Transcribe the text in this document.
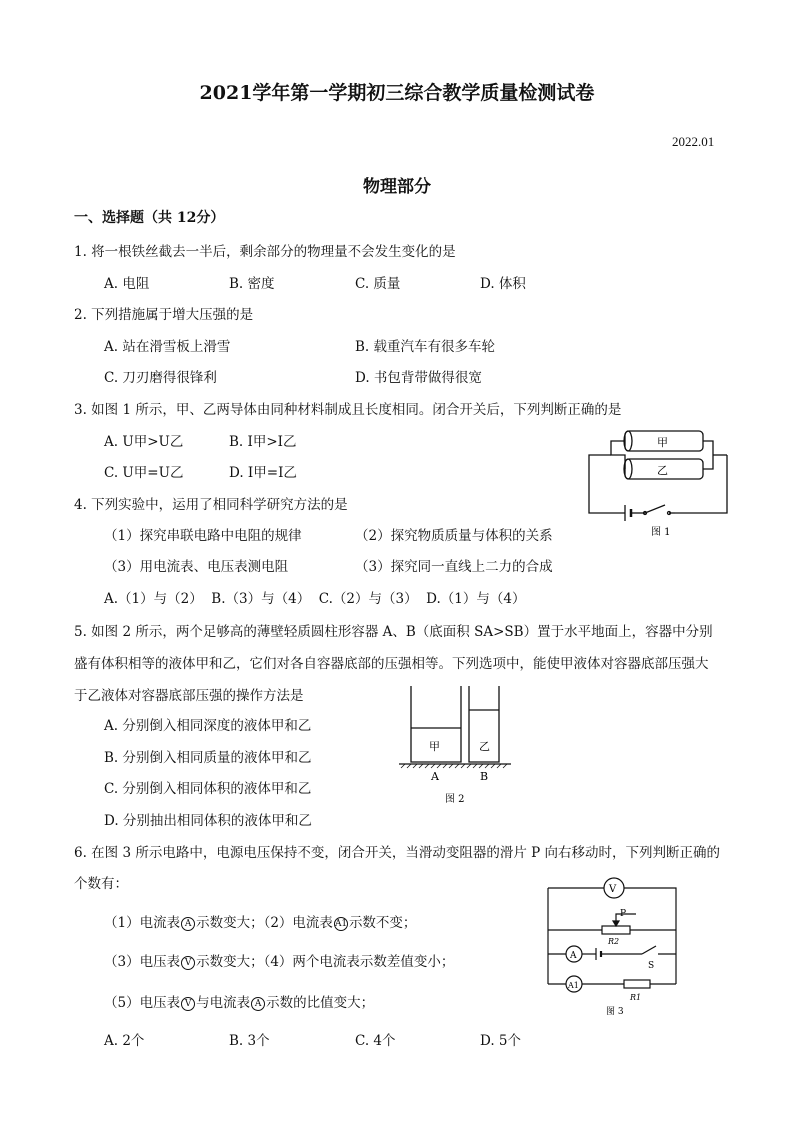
2021学年第一学期初三综合教学质量检测试卷
2022.01
物理部分
一、选择题（共 12分）
1. 将一根铁丝截去一半后，剩余部分的物理量不会发生变化的是
A. 电阻	B. 密度	C. 质量	D. 体积
2. 下列措施属于增大压强的是
A. 站在滑雪板上滑雪	B. 载重汽车有很多车轮
C. 刀刃磨得很锋利	D. 书包背带做得很宽
3. 如图 1 所示，甲、乙两导体由同种材料制成且长度相同。闭合开关后，下列判断正确的是
A. U甲>U乙	B. I甲>I乙
C. U甲=U乙	D. I甲=I乙
甲
乙
图 1
4. 下列实验中，运用了相同科学研究方法的是
（1）探究串联电路中电阻的规律	（2）探究物质质量与体积的关系
（3）用电流表、电压表测电阻	（3）探究同一直线上二力的合成
A.（1）与（2）  B.（3）与（4）  C.（2）与（3）  D.（1）与（4）
5. 如图 2 所示，两个足够高的薄壁轻质圆柱形容器 A、B（底面积 SA>SB）置于水平地面上，容器中分别
盛有体积相等的液体甲和乙，它们对各自容器底部的压强相等。下列选项中，能使甲液体对容器底部压强大
于乙液体对容器底部压强的操作方法是
A. 分别倒入相同深度的液体甲和乙
B. 分别倒入相同质量的液体甲和乙
C. 分别倒入相同体积的液体甲和乙
D. 分别抽出相同体积的液体甲和乙
甲	乙
A	B
图 2
6. 在图 3 所示电路中，电源电压保持不变，闭合开关，当滑动变阻器的滑片 P 向右移动时，下列判断正确的
个数有：
（1）电流表 A 示数变大；（2）电流表 A1 示数不变；
（3）电压表 V 示数变大；（4）两个电流表示数差值变小；
（5）电压表 V 与电流表 A 示数的比值变大；
A. 2个	B. 3个	C. 4个	D. 5个
V
A
A1
P
R2
S
R1
图 3
